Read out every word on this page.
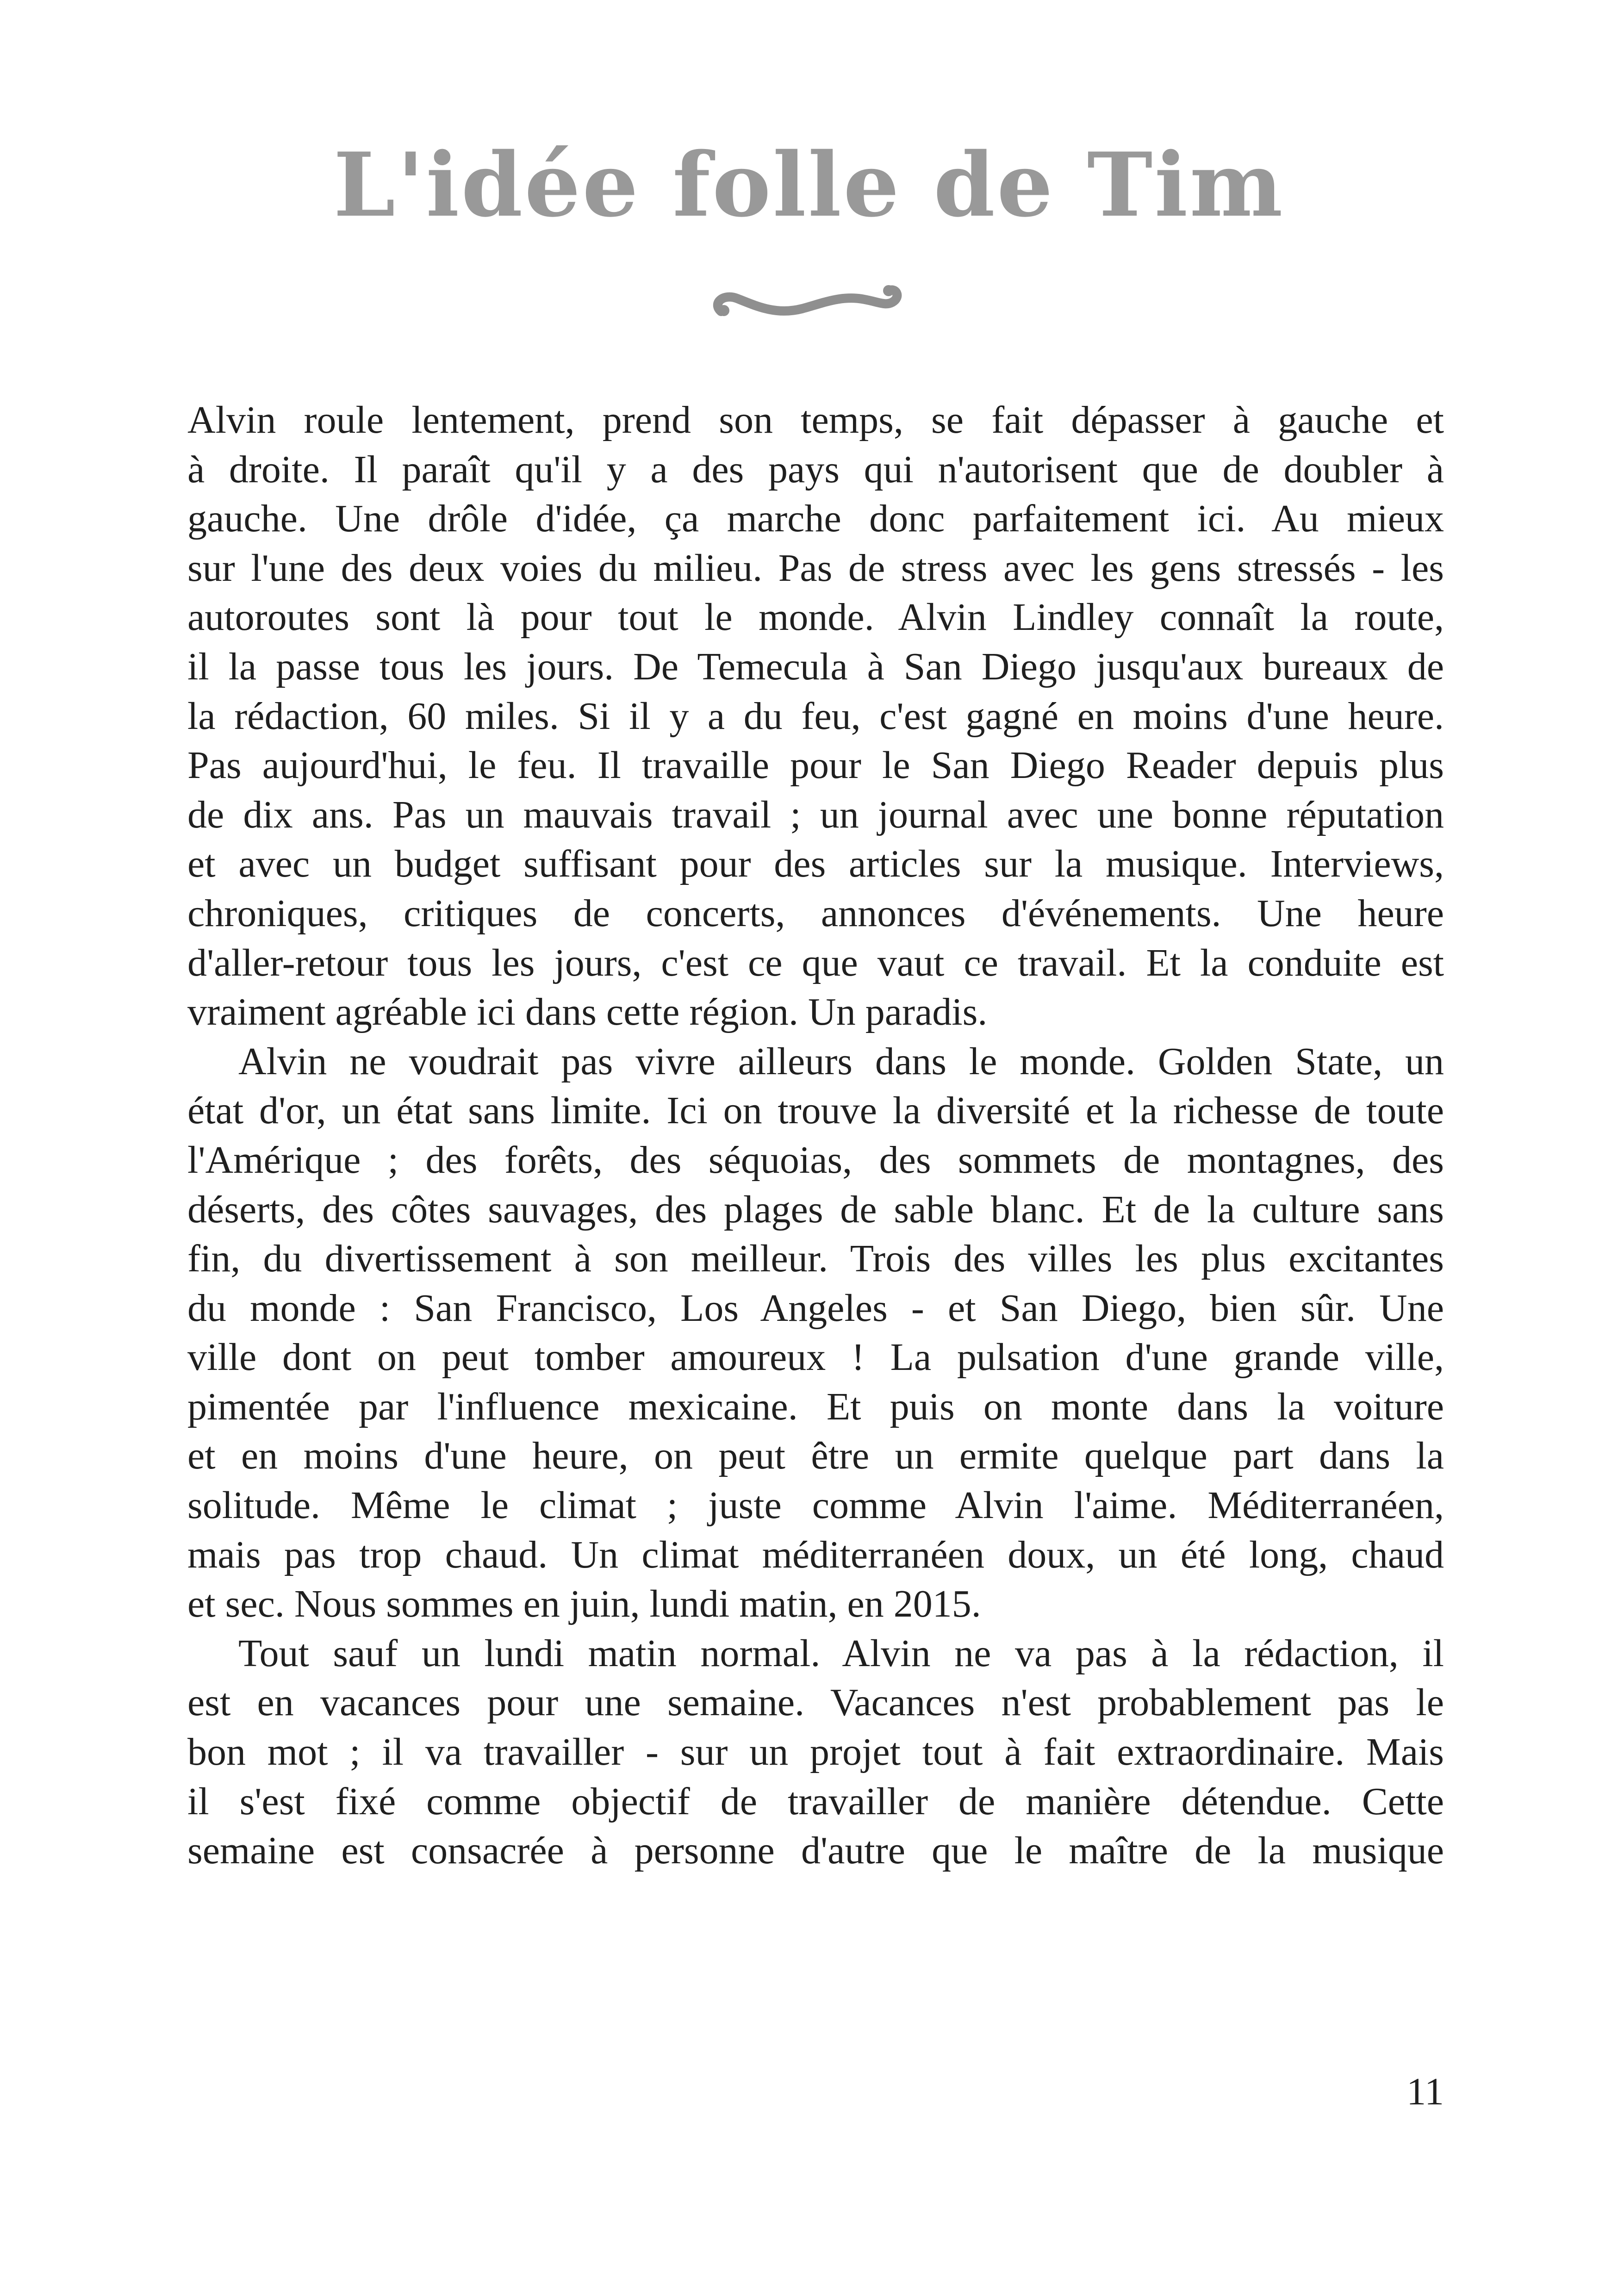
L'idée folle de Tim

Alvin roule lentement, prend son temps, se fait dépasser à gauche et
à droite. Il paraît qu'il y a des pays qui n'autorisent que de doubler à
gauche. Une drôle d'idée, ça marche donc parfaitement ici. Au mieux
sur l'une des deux voies du milieu. Pas de stress avec les gens stressés - les
autoroutes sont là pour tout le monde. Alvin Lindley connaît la route,
il la passe tous les jours. De Temecula à San Diego jusqu'aux bureaux de
la rédaction, 60 miles. Si il y a du feu, c'est gagné en moins d'une heure.
Pas aujourd'hui, le feu. Il travaille pour le San Diego Reader depuis plus
de dix ans. Pas un mauvais travail ; un journal avec une bonne réputation
et avec un budget suffisant pour des articles sur la musique. Interviews,
chroniques, critiques de concerts, annonces d'événements. Une heure
d'aller-retour tous les jours, c'est ce que vaut ce travail. Et la conduite est
vraiment agréable ici dans cette région. Un paradis.

Alvin ne voudrait pas vivre ailleurs dans le monde. Golden State, un
état d'or, un état sans limite. Ici on trouve la diversité et la richesse de toute
l'Amérique ; des forêts, des séquoias, des sommets de montagnes, des
déserts, des côtes sauvages, des plages de sable blanc. Et de la culture sans
fin, du divertissement à son meilleur. Trois des villes les plus excitantes
du monde : San Francisco, Los Angeles - et San Diego, bien sûr. Une
ville dont on peut tomber amoureux ! La pulsation d'une grande ville,
pimentée par l'influence mexicaine. Et puis on monte dans la voiture
et en moins d'une heure, on peut être un ermite quelque part dans la
solitude. Même le climat ; juste comme Alvin l'aime. Méditerranéen,
mais pas trop chaud. Un climat méditerranéen doux, un été long, chaud
et sec. Nous sommes en juin, lundi matin, en 2015.

Tout sauf un lundi matin normal. Alvin ne va pas à la rédaction, il
est en vacances pour une semaine. Vacances n'est probablement pas le
bon mot ; il va travailler - sur un projet tout à fait extraordinaire. Mais
il s'est fixé comme objectif de travailler de manière détendue. Cette
semaine est consacrée à personne d'autre que le maître de la musique

11
